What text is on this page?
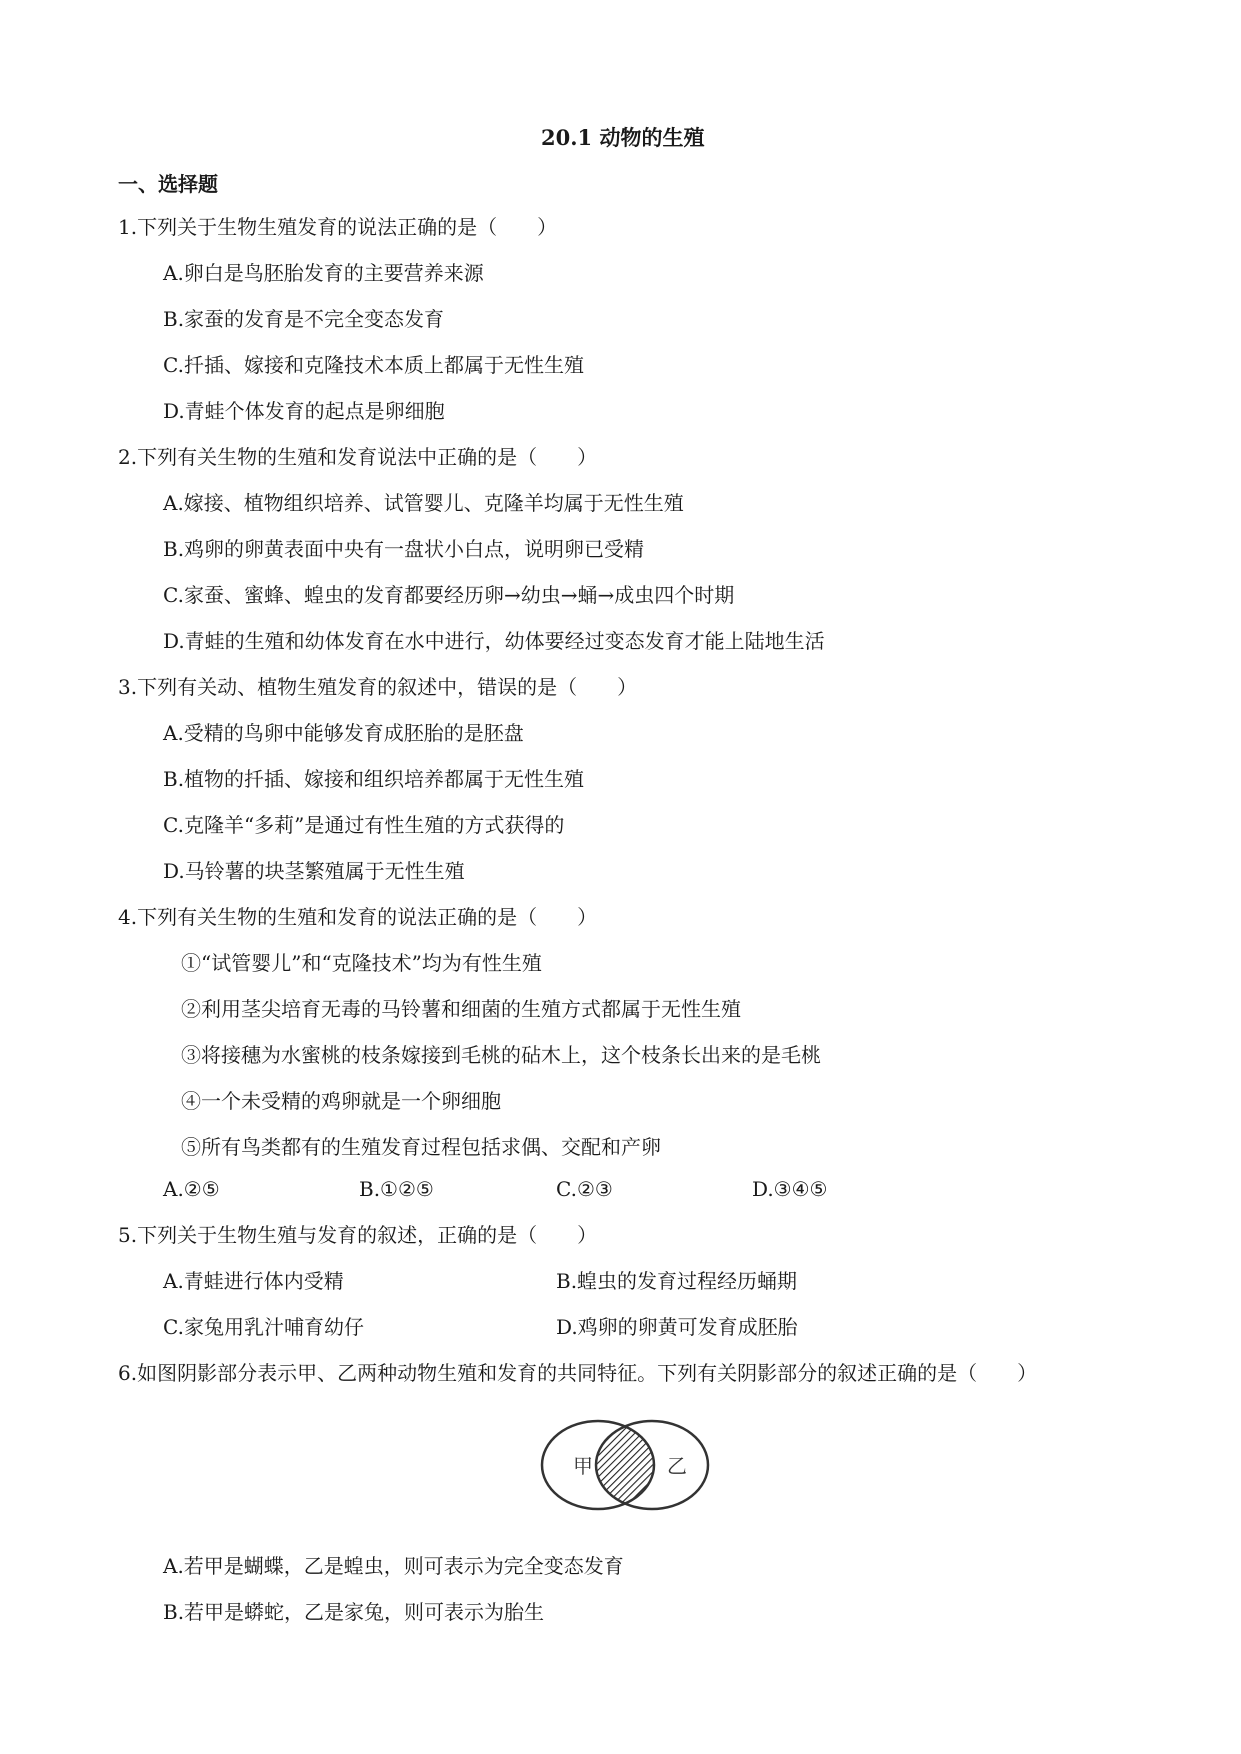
20.1 动物的生殖
一、选择题
1.下列关于生物生殖发育的说法正确的是（　　）
A.卵白是鸟胚胎发育的主要营养来源
B.家蚕的发育是不完全变态发育
C.扦插、嫁接和克隆技术本质上都属于无性生殖
D.青蛙个体发育的起点是卵细胞
2.下列有关生物的生殖和发育说法中正确的是（　　）
A.嫁接、植物组织培养、试管婴儿、克隆羊均属于无性生殖
B.鸡卵的卵黄表面中央有一盘状小白点，说明卵已受精
C.家蚕、蜜蜂、蝗虫的发育都要经历卵→幼虫→蛹→成虫四个时期
D.青蛙的生殖和幼体发育在水中进行，幼体要经过变态发育才能上陆地生活
3.下列有关动、植物生殖发育的叙述中，错误的是（　　）
A.受精的鸟卵中能够发育成胚胎的是胚盘
B.植物的扦插、嫁接和组织培养都属于无性生殖
C.克隆羊“多莉”是通过有性生殖的方式获得的
D.马铃薯的块茎繁殖属于无性生殖
4.下列有关生物的生殖和发育的说法正确的是（　　）
①“试管婴儿”和“克隆技术”均为有性生殖
②利用茎尖培育无毒的马铃薯和细菌的生殖方式都属于无性生殖
③将接穗为水蜜桃的枝条嫁接到毛桃的砧木上，这个枝条长出来的是毛桃
④一个未受精的鸡卵就是一个卵细胞
⑤所有鸟类都有的生殖发育过程包括求偶、交配和产卵
A.②⑤	B.①②⑤	C.②③	D.③④⑤
5.下列关于生物生殖与发育的叙述，正确的是（　　）
A.青蛙进行体内受精	B.蝗虫的发育过程经历蛹期
C.家兔用乳汁哺育幼仔	D.鸡卵的卵黄可发育成胚胎
6.如图阴影部分表示甲、乙两种动物生殖和发育的共同特征。下列有关阴影部分的叙述正确的是（　　）
甲	乙
A.若甲是蝴蝶，乙是蝗虫，则可表示为完全变态发育
B.若甲是蟒蛇，乙是家兔，则可表示为胎生
